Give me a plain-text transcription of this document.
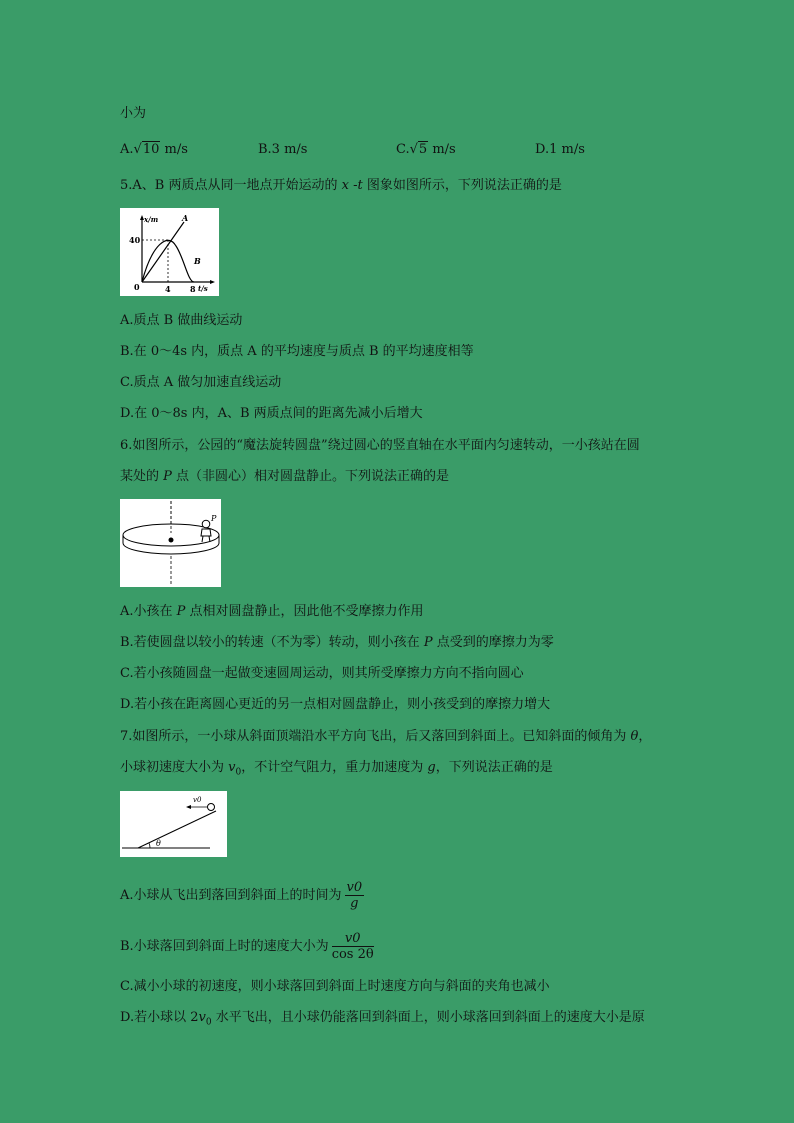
小为
A.√10 m/s	B.3 m/s	C.√5 m/s	D.1 m/s
5.A、B 两质点从同一地点开始运动的 x -t 图象如图所示，下列说法正确的是
x/m
t/s
40
0	4 8
A
B
A.质点 B 做曲线运动
B.在 0～4s 内，质点 A 的平均速度与质点 B 的平均速度相等
C.质点 A 做匀加速直线运动
D.在 0～8s 内，A、B 两质点间的距离先减小后增大
6.如图所示，公园的“魔法旋转圆盘”绕过圆心的竖直轴在水平面内匀速转动，一小孩站在圆
某处的 P 点（非圆心）相对圆盘静止。下列说法正确的是
P
A.小孩在 P 点相对圆盘静止，因此他不受摩擦力作用
B.若使圆盘以较小的转速（不为零）转动，则小孩在 P 点受到的摩擦力为零
C.若小孩随圆盘一起做变速圆周运动，则其所受摩擦力方向不指向圆心
D.若小孩在距离圆心更近的另一点相对圆盘静止，则小孩受到的摩擦力增大
7.如图所示，一小球从斜面顶端沿水平方向飞出，后又落回到斜面上。已知斜面的倾角为 θ，
小球初速度大小为 $v_0$，不计空气阻力，重力加速度为 g，下列说法正确的是
v0
θ
A.小球从飞出到落回到斜面上的时间为 $\frac{v0}{g}$
B.小球落回到斜面上时的速度大小为 $\frac{v0}{\cos 2\theta}$
C.减小小球的初速度，则小球落回到斜面上时速度方向与斜面的夹角也减小
D.若小球以 $2v_0$ 水平飞出，且小球仍能落回到斜面上，则小球落回到斜面上的速度大小是原
